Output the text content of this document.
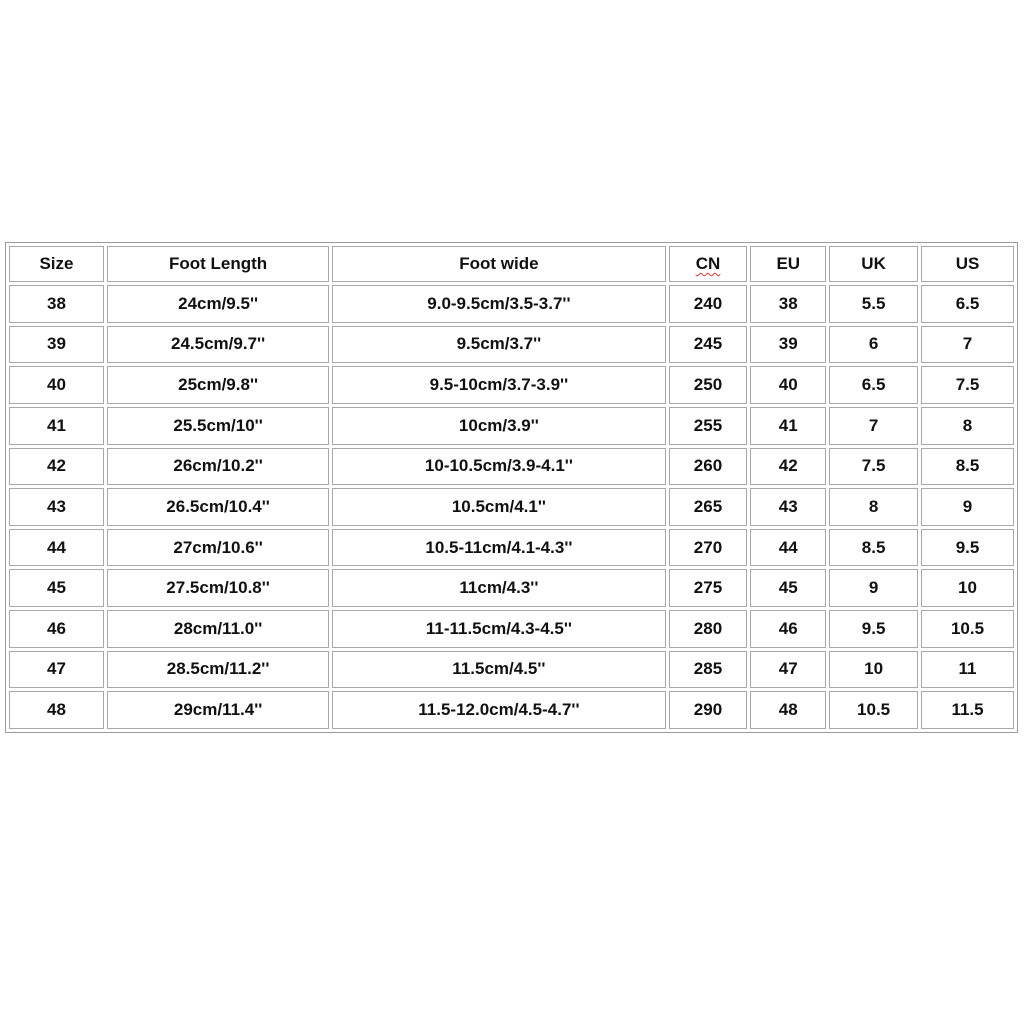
Size	Foot Length	Foot wide	CN	EU	UK	US
38	24cm/9.5''	9.0-9.5cm/3.5-3.7''	240	38	5.5	6.5
39	24.5cm/9.7''	9.5cm/3.7''	245	39	6	7
40	25cm/9.8''	9.5-10cm/3.7-3.9''	250	40	6.5	7.5
41	25.5cm/10''	10cm/3.9''	255	41	7	8
42	26cm/10.2''	10-10.5cm/3.9-4.1''	260	42	7.5	8.5
43	26.5cm/10.4''	10.5cm/4.1''	265	43	8	9
44	27cm/10.6''	10.5-11cm/4.1-4.3''	270	44	8.5	9.5
45	27.5cm/10.8''	11cm/4.3''	275	45	9	10
46	28cm/11.0''	11-11.5cm/4.3-4.5''	280	46	9.5	10.5
47	28.5cm/11.2''	11.5cm/4.5''	285	47	10	11
48	29cm/11.4''	11.5-12.0cm/4.5-4.7''	290	48	10.5	11.5
